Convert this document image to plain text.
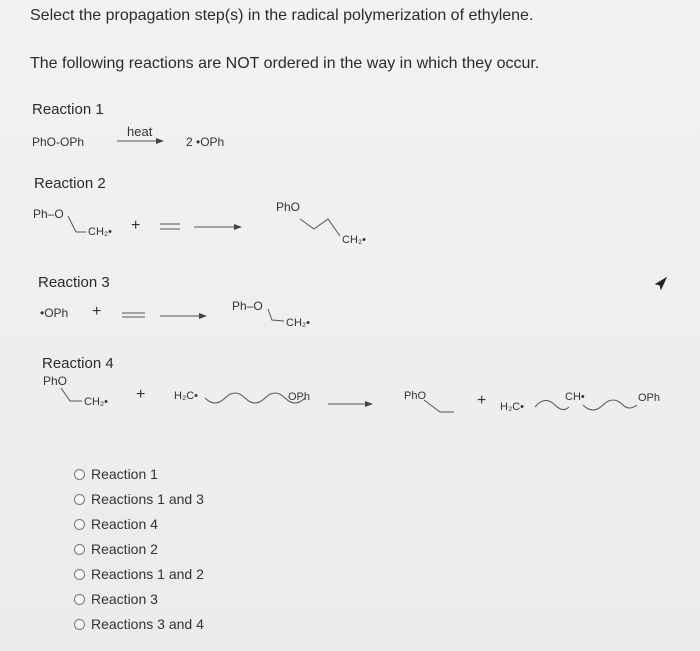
Select the propagation step(s) in the radical polymerization of ethylene.
The following reactions are NOT ordered in the way in which they occur.
Reaction 1
PhO-OPh
heat
2 •OPh
Reaction 2
Ph–O
CH₂• +
PhO
CH₂•
Reaction 3
•OPh +	Ph–O
CH₂•
Reaction 4
PhO
CH₂• +	H₂C•	OPh	PhO	+ H₂C•
CH•	OPh
Reaction 1
Reactions 1 and 3
Reaction 4
Reaction 2
Reactions 1 and 2
Reaction 3
Reactions 3 and 4
